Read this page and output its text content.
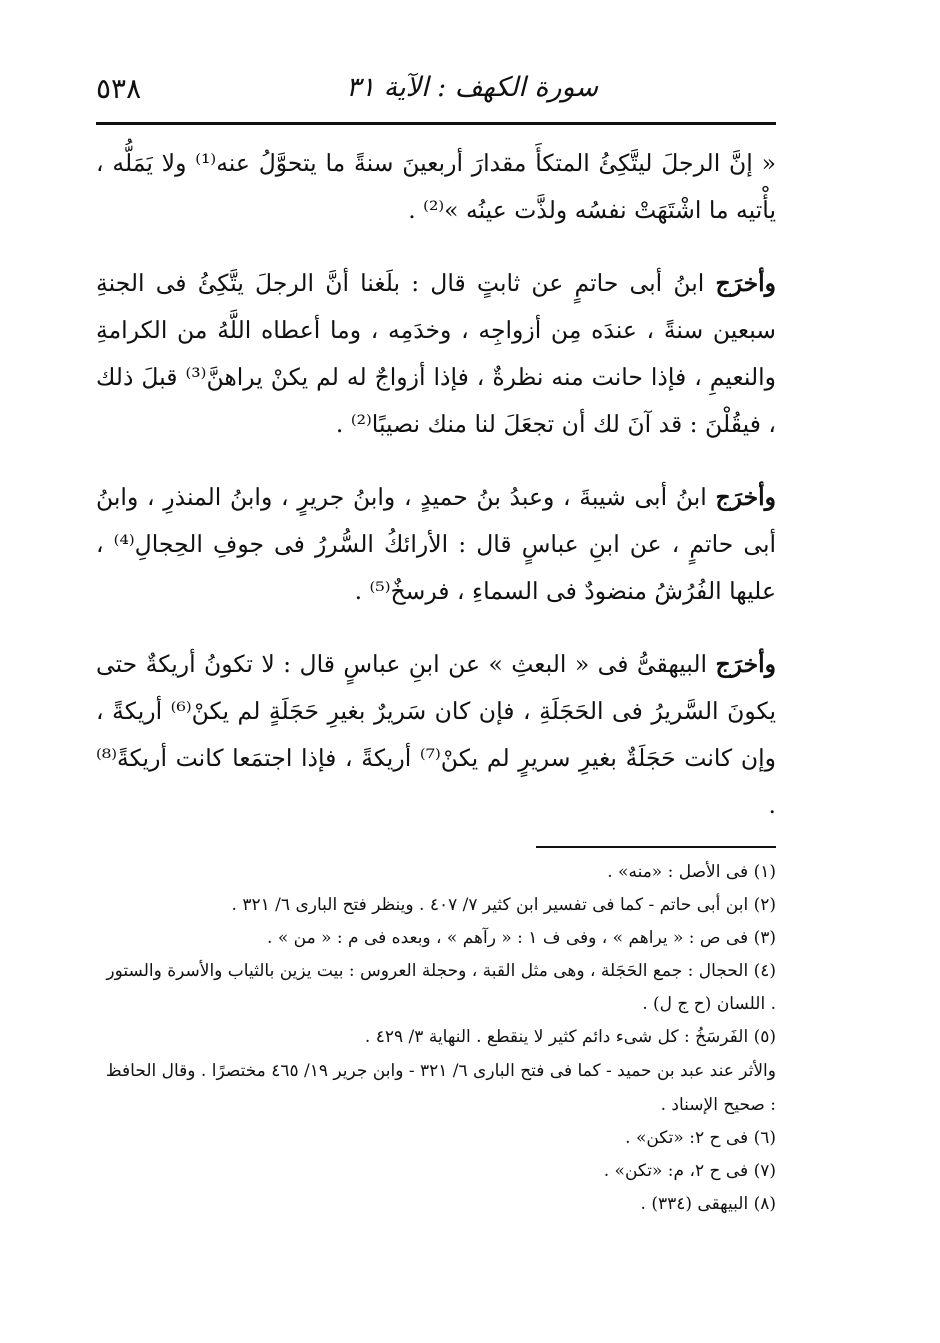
٥٣٨	سورة الكهف : الآية ٣١

« إنَّ الرجلَ ليتَّكِئُ المتكأَ مقدارَ أربعينَ سنةً ما يتحوَّلُ عنه⁽¹⁾ ولا يَمَلُّه ، يأْتيه ما اشْتَهَتْ نفسُه ولذَّت عينُه »⁽²⁾ .

وأخرَج ابنُ أبى حاتمٍ عن ثابتٍ قال : بلَغنا أنَّ الرجلَ يتَّكِئُ فى الجنةِ سبعين سنةً ، عندَه مِن أزواجِه ، وخدَمِه ، وما أعطاه اللَّهُ من الكرامةِ والنعيمِ ، فإذا حانت منه نظرةٌ ، فإذا أزواجٌ له لم يكنْ يراهنَّ⁽³⁾ قبلَ ذلك ، فيقُلْنَ : قد آنَ لك أن تجعَلَ لنا منك نصيبًا⁽²⁾ .

وأخرَج ابنُ أبى شيبةَ ، وعبدُ بنُ حميدٍ ، وابنُ جريرٍ ، وابنُ المنذرِ ، وابنُ أبى حاتمٍ ، عن ابنِ عباسٍ قال : الأرائكُ السُّررُ فى جوفِ الحِجالِ⁽⁴⁾ ، عليها الفُرُشُ منضودٌ فى السماءِ ، فرسخٌ⁽⁵⁾ .

وأخرَج البيهقىُّ فى « البعثِ » عن ابنِ عباسٍ قال : لا تكونُ أريكةٌ حتى يكونَ السَّريرُ فى الحَجَلَةِ ، فإن كان سَريرٌ بغيرِ حَجَلَةٍ لم يكنْ⁽⁶⁾ أريكةً ، وإن كانت حَجَلَةٌ بغيرِ سريرٍ لم يكنْ⁽⁷⁾ أريكةً ، فإذا اجتمَعا كانت أريكةً⁽⁸⁾ .

(١) فى الأصل : «منه» .

(٢) ابن أبى حاتم - كما فى تفسير ابن كثير ٧/ ٤٠٧ . وينظر فتح البارى ٦/ ٣٢١ .

(٣) فى ص : « يراهم » ، وفى ف ١ : « رآهم » ، وبعده فى م : « من » .

(٤) الحجال : جمع الحَجَلة ، وهى مثل القبة ، وحجلة العروس : بيت يزين بالثياب والأسرة والستور . اللسان (ح ج ل) .

(٥) الفَرسَخُ : كل شىء دائم كثير لا ينقطع . النهاية ٣/ ٤٢٩ .

والأثر عند عبد بن حميد - كما فى فتح البارى ٦/ ٣٢١ - وابن جرير ١٩/ ٤٦٥ مختصرًا . وقال الحافظ : صحيح الإسناد .

(٦) فى ح ٢: «تكن» .

(٧) فى ح ٢، م: «تكن» .

(٨) البيهقى (٣٣٤) .
